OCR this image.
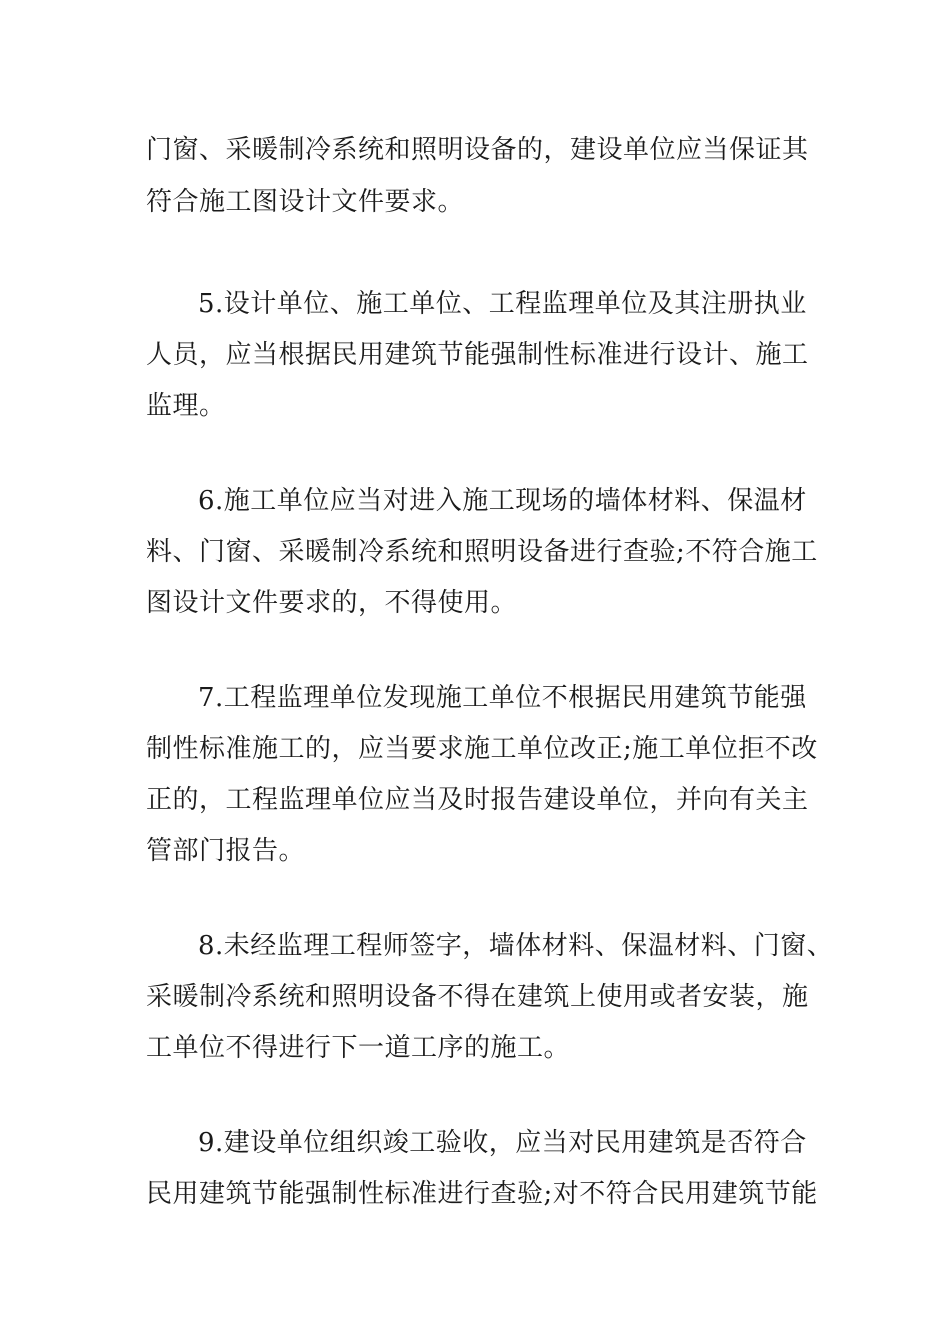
门窗、采暖制冷系统和照明设备的，建设单位应当保证其
符合施工图设计文件要求。
5.设计单位、施工单位、工程监理单位及其注册执业
人员，应当根据民用建筑节能强制性标准进行设计、施工
监理。
6.施工单位应当对进入施工现场的墙体材料、保温材
料、门窗、采暖制冷系统和照明设备进行查验;不符合施工
图设计文件要求的，不得使用。
7.工程监理单位发现施工单位不根据民用建筑节能强
制性标准施工的，应当要求施工单位改正;施工单位拒不改
正的，工程监理单位应当及时报告建设单位，并向有关主
管部门报告。
8.未经监理工程师签字，墙体材料、保温材料、门窗、
采暖制冷系统和照明设备不得在建筑上使用或者安装，施
工单位不得进行下一道工序的施工。
9.建设单位组织竣工验收，应当对民用建筑是否符合
民用建筑节能强制性标准进行查验;对不符合民用建筑节能
